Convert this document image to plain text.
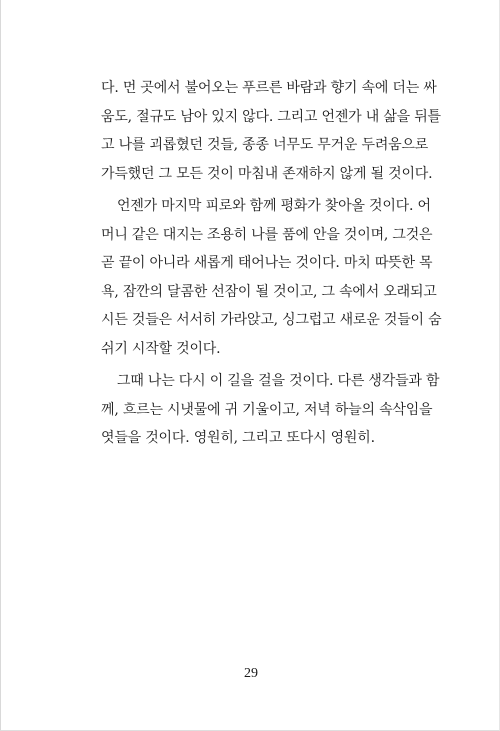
다. 먼 곳에서 불어오는 푸르른 바람과 향기 속에 더는 싸
움도, 절규도 남아 있지 않다. 그리고 언젠가 내 삶을 뒤틀
고 나를 괴롭혔던 것들, 종종 너무도 무거운 두려움으로
가득했던 그 모든 것이 마침내 존재하지 않게 될 것이다.

언젠가 마지막 피로와 함께 평화가 찾아올 것이다. 어
머니 같은 대지는 조용히 나를 품에 안을 것이며, 그것은
곧 끝이 아니라 새롭게 태어나는 것이다. 마치 따뜻한 목
욕, 잠깐의 달콤한 선잠이 될 것이고, 그 속에서 오래되고
시든 것들은 서서히 가라앉고, 싱그럽고 새로운 것들이 숨
쉬기 시작할 것이다.

그때 나는 다시 이 길을 걸을 것이다. 다른 생각들과 함
께, 흐르는 시냇물에 귀 기울이고, 저녁 하늘의 속삭임을
엿들을 것이다. 영원히, 그리고 또다시 영원히.

29
